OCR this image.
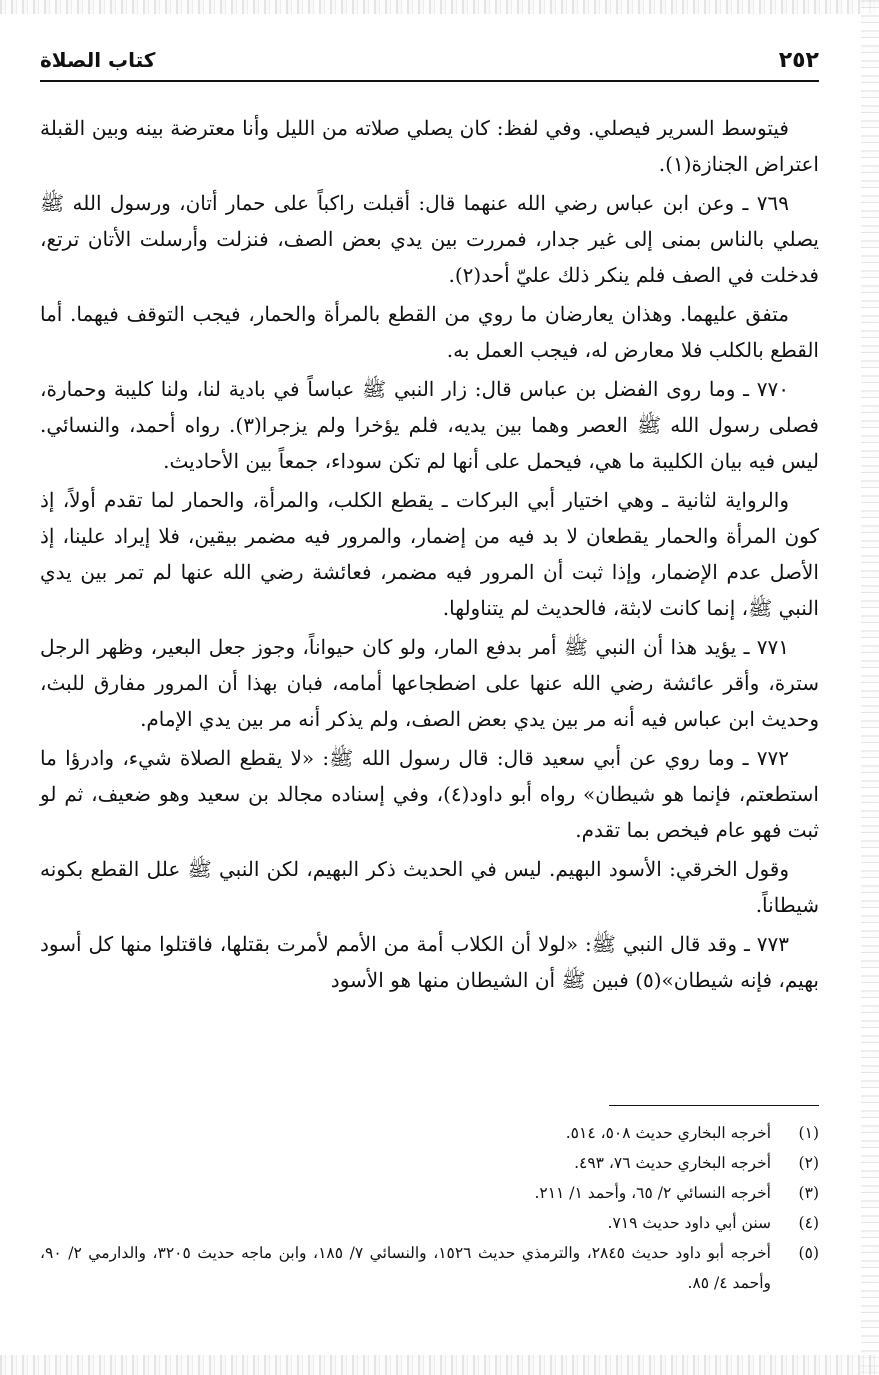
٢٥٢
كتاب الصلاة

فيتوسط السرير فيصلي. وفي لفظ: كان يصلي صلاته من الليل وأنا معترضة بينه وبين القبلة اعتراض الجنازة(١).

٧٦٩ ـ وعن ابن عباس رضي الله عنهما قال: أقبلت راكباً على حمار أتان، ورسول الله ﷺ يصلي بالناس بمنى إلى غير جدار، فمررت بين يدي بعض الصف، فنزلت وأرسلت الأتان ترتع، فدخلت في الصف فلم ينكر ذلك عليّ أحد(٢).

متفق عليهما. وهذان يعارضان ما روي من القطع بالمرأة والحمار، فيجب التوقف فيهما. أما القطع بالكلب فلا معارض له، فيجب العمل به.

٧٧٠ ـ وما روى الفضل بن عباس قال: زار النبي ﷺ عباساً في بادية لنا، ولنا كليبة وحمارة، فصلى رسول الله ﷺ العصر وهما بين يديه، فلم يؤخرا ولم يزجرا(٣). رواه أحمد، والنسائي. ليس فيه بيان الكليبة ما هي، فيحمل على أنها لم تكن سوداء، جمعاً بين الأحاديث.

والرواية لثانية ـ وهي اختيار أبي البركات ـ يقطع الكلب، والمرأة، والحمار لما تقدم أولاً، إذ كون المرأة والحمار يقطعان لا بد فيه من إضمار، والمرور فيه مضمر بيقين، فلا إيراد علينا، إذ الأصل عدم الإضمار، وإذا ثبت أن المرور فيه مضمر، فعائشة رضي الله عنها لم تمر بين يدي النبي ﷺ، إنما كانت لابثة، فالحديث لم يتناولها.

٧٧١ ـ يؤيد هذا أن النبي ﷺ أمر بدفع المار، ولو كان حيواناً، وجوز جعل البعير، وظهر الرجل سترة، وأقر عائشة رضي الله عنها على اضطجاعها أمامه، فبان بهذا أن المرور مفارق للبث، وحديث ابن عباس فيه أنه مر بين يدي بعض الصف، ولم يذكر أنه مر بين يدي الإمام.

٧٧٢ ـ وما روي عن أبي سعيد قال: قال رسول الله ﷺ: «لا يقطع الصلاة شيء، وادرؤا ما استطعتم، فإنما هو شيطان» رواه أبو داود(٤)، وفي إسناده مجالد بن سعيد وهو ضعيف، ثم لو ثبت فهو عام فيخص بما تقدم.

وقول الخرقي: الأسود البهيم. ليس في الحديث ذكر البهيم، لكن النبي ﷺ علل القطع بكونه شيطاناً.

٧٧٣ ـ وقد قال النبي ﷺ: «لولا أن الكلاب أمة من الأمم لأمرت بقتلها، فاقتلوا منها كل أسود بهيم، فإنه شيطان»(٥) فبين ﷺ أن الشيطان منها هو الأسود

(١)
أخرجه البخاري حديث ٥٠٨، ٥١٤.
(٢)
أخرجه البخاري حديث ٧٦، ٤٩٣.
(٣)
أخرجه النسائي ٢/ ٦٥، وأحمد ١/ ٢١١.
(٤)
سنن أبي داود حديث ٧١٩.
(٥)
أخرجه أبو داود حديث ٢٨٤٥، والترمذي حديث ١٥٢٦، والنسائي ٧/ ١٨٥، وابن ماجه حديث ٣٢٠٥، والدارمي ٢/ ٩٠، وأحمد ٤/ ٨٥.
